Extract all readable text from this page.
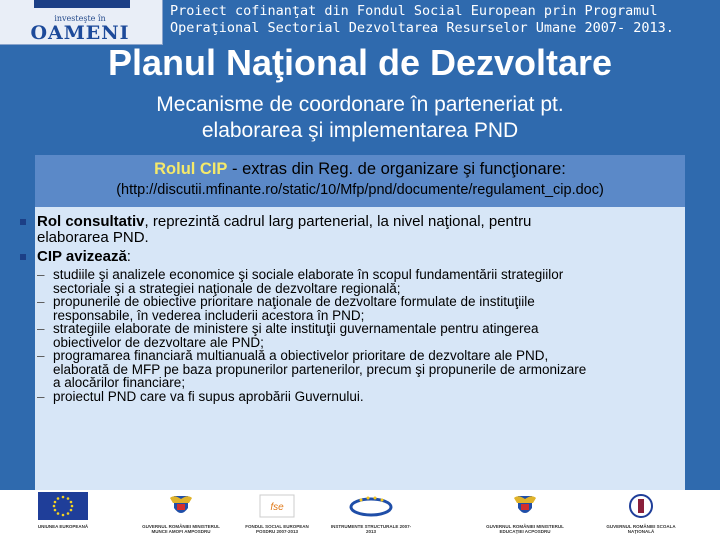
investeşte în
OAMENI
Proiect cofinanţat din Fondul Social European prin Programul
Operaţional Sectorial Dezvoltarea Resurselor Umane 2007- 2013.
Planul Naţional de Dezvoltare
Mecanisme de coordonare în parteneriat pt.
elaborarea şi implementarea PND
Rolul CIP - extras din Reg. de organizare şi funcţionare:
(http://discutii.mfinante.ro/static/10/Mfp/pnd/documente/regulament_cip.doc)
Rol consultativ, reprezintă cadrul larg partenerial, la nivel naţional, pentru
elaborarea PND.
CIP avizează:
– studiile şi analizele economice şi sociale elaborate în scopul fundamentării strategiilor
sectoriale şi a strategiei naţionale de dezvoltare regională;
– propunerile de obiective prioritare naţionale de dezvoltare formulate de instituţiile
responsabile, în vederea includerii acestora în PND;
– strategiile elaborate de ministere şi alte instituţii guvernamentale pentru atingerea
obiectivelor de dezvoltare ale PND;
– programarea financiară multianuală a obiectivelor prioritare de dezvoltare ale PND,
elaborată de MFP pe baza propunerilor partenerilor, precum şi propunerile de armonizare
a alocărilor financiare;
– proiectul PND care va fi supus aprobării Guvernului.
UNIUNEA EUROPEANĂ	GUVERNUL ROMÂNIEI MINISTERUL MUNCII AMOFI AMPOSDRU
fse
FONDUL SOCIAL EUROPEAN POSDRU 2007-2013
INSTRUMENTE STRUCTURALE 2007-2013
GUVERNUL ROMÂNIEI MINISTERUL EDUCAŢIEI ACPOSDRU
GUVERNUL ROMÂNIEI SCOALA NAŢIONALĂ
